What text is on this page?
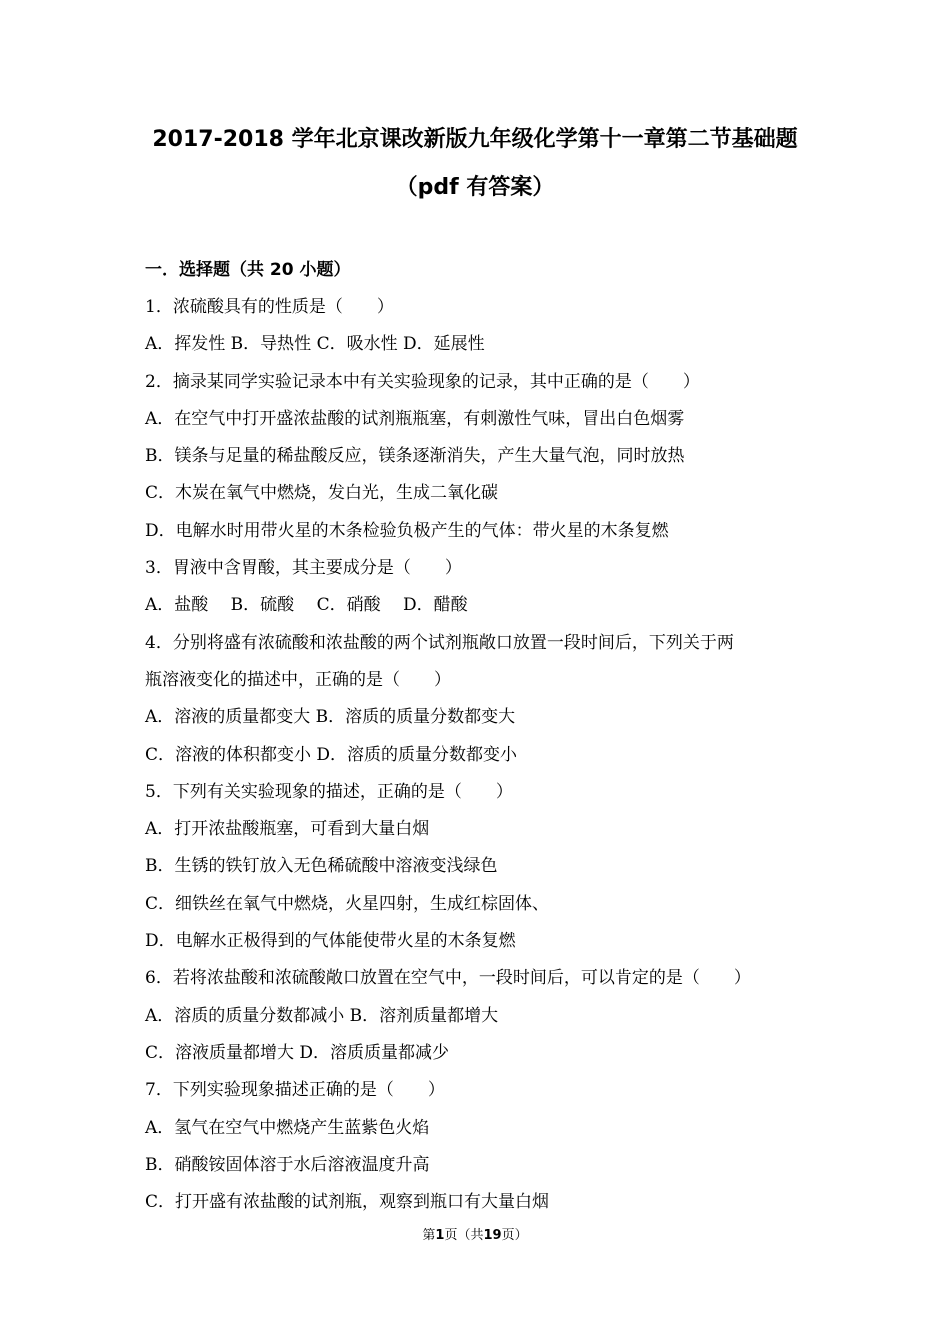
2017-2018 学年北京课改新版九年级化学第十一章第二节基础题
（pdf 有答案）
一．选择题（共 20 小题）
1．浓硫酸具有的性质是（　　）
A．挥发性 B．导热性 C．吸水性 D．延展性
2．摘录某同学实验记录本中有关实验现象的记录，其中正确的是（　　）
A．在空气中打开盛浓盐酸的试剂瓶瓶塞，有刺激性气味，冒出白色烟雾
B．镁条与足量的稀盐酸反应，镁条逐渐消失，产生大量气泡，同时放热
C．木炭在氧气中燃烧，发白光，生成二氧化碳
D．电解水时用带火星的木条检验负极产生的气体：带火星的木条复燃
3．胃液中含胃酸，其主要成分是（　　）
A．盐酸　 B．硫酸　 C．硝酸　 D．醋酸
4．分别将盛有浓硫酸和浓盐酸的两个试剂瓶敞口放置一段时间后，下列关于两
瓶溶液变化的描述中，正确的是（　　）
A．溶液的质量都变大 B．溶质的质量分数都变大
C．溶液的体积都变小 D．溶质的质量分数都变小
5．下列有关实验现象的描述，正确的是（　　）
A．打开浓盐酸瓶塞，可看到大量白烟
B．生锈的铁钉放入无色稀硫酸中溶液变浅绿色
C．细铁丝在氧气中燃烧，火星四射，生成红棕固体、
D．电解水正极得到的气体能使带火星的木条复燃
6．若将浓盐酸和浓硫酸敞口放置在空气中，一段时间后，可以肯定的是（　　）
A．溶质的质量分数都减小 B．溶剂质量都增大
C．溶液质量都增大 D．溶质质量都减少
7．下列实验现象描述正确的是（　　）
A．氢气在空气中燃烧产生蓝紫色火焰
B．硝酸铵固体溶于水后溶液温度升高
C．打开盛有浓盐酸的试剂瓶，观察到瓶口有大量白烟
第1页（共19页）
